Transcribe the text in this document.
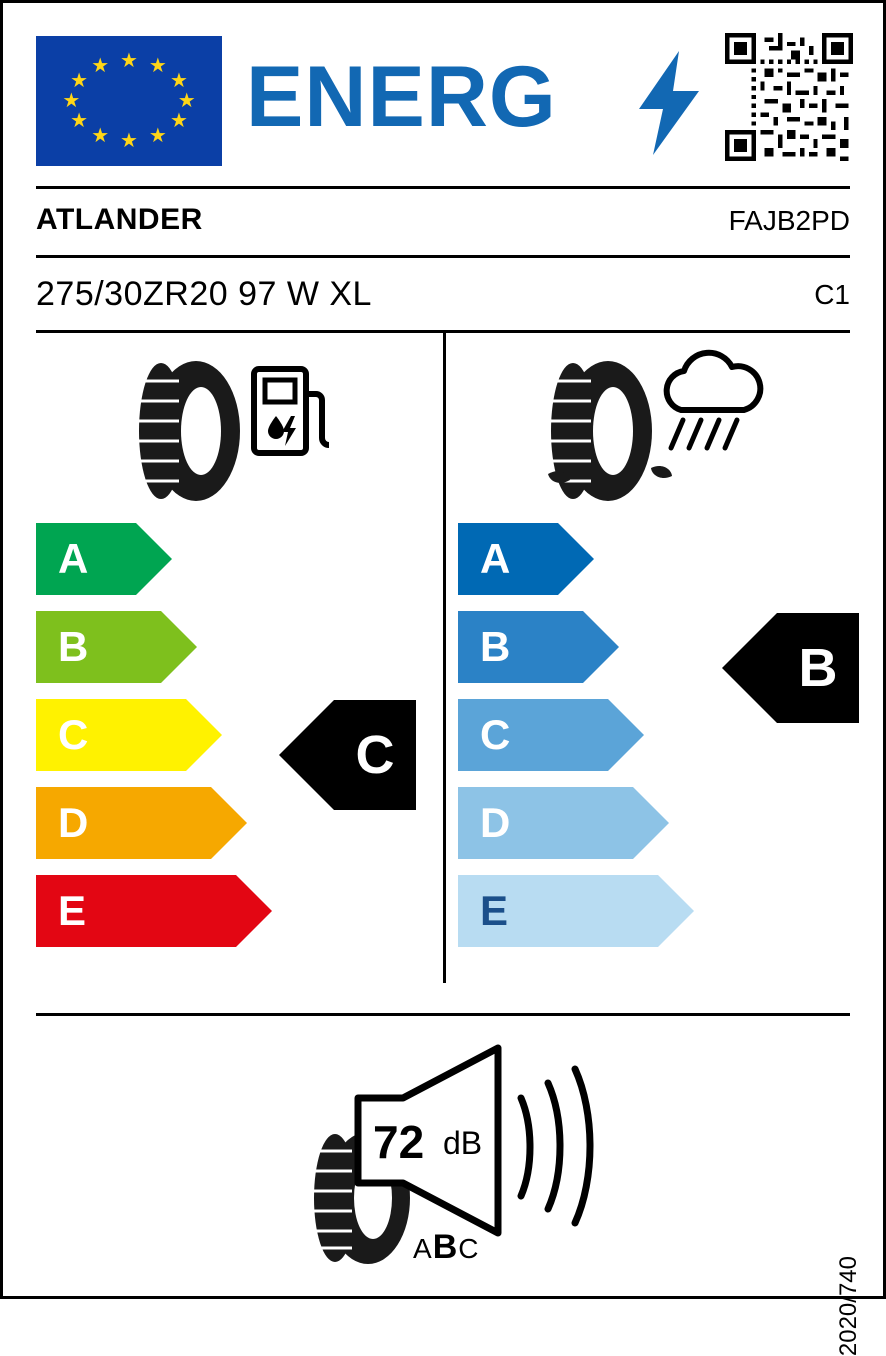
★ ★
★
★
★
★
★
★
★
★
★
★ ENERG
ATLANDER	FAJB2PD
275/30ZR20 97 W XL	C1
A
B
C
D
E
A
B
C
D
E
C
B
72 dB
ABC
2020/740
